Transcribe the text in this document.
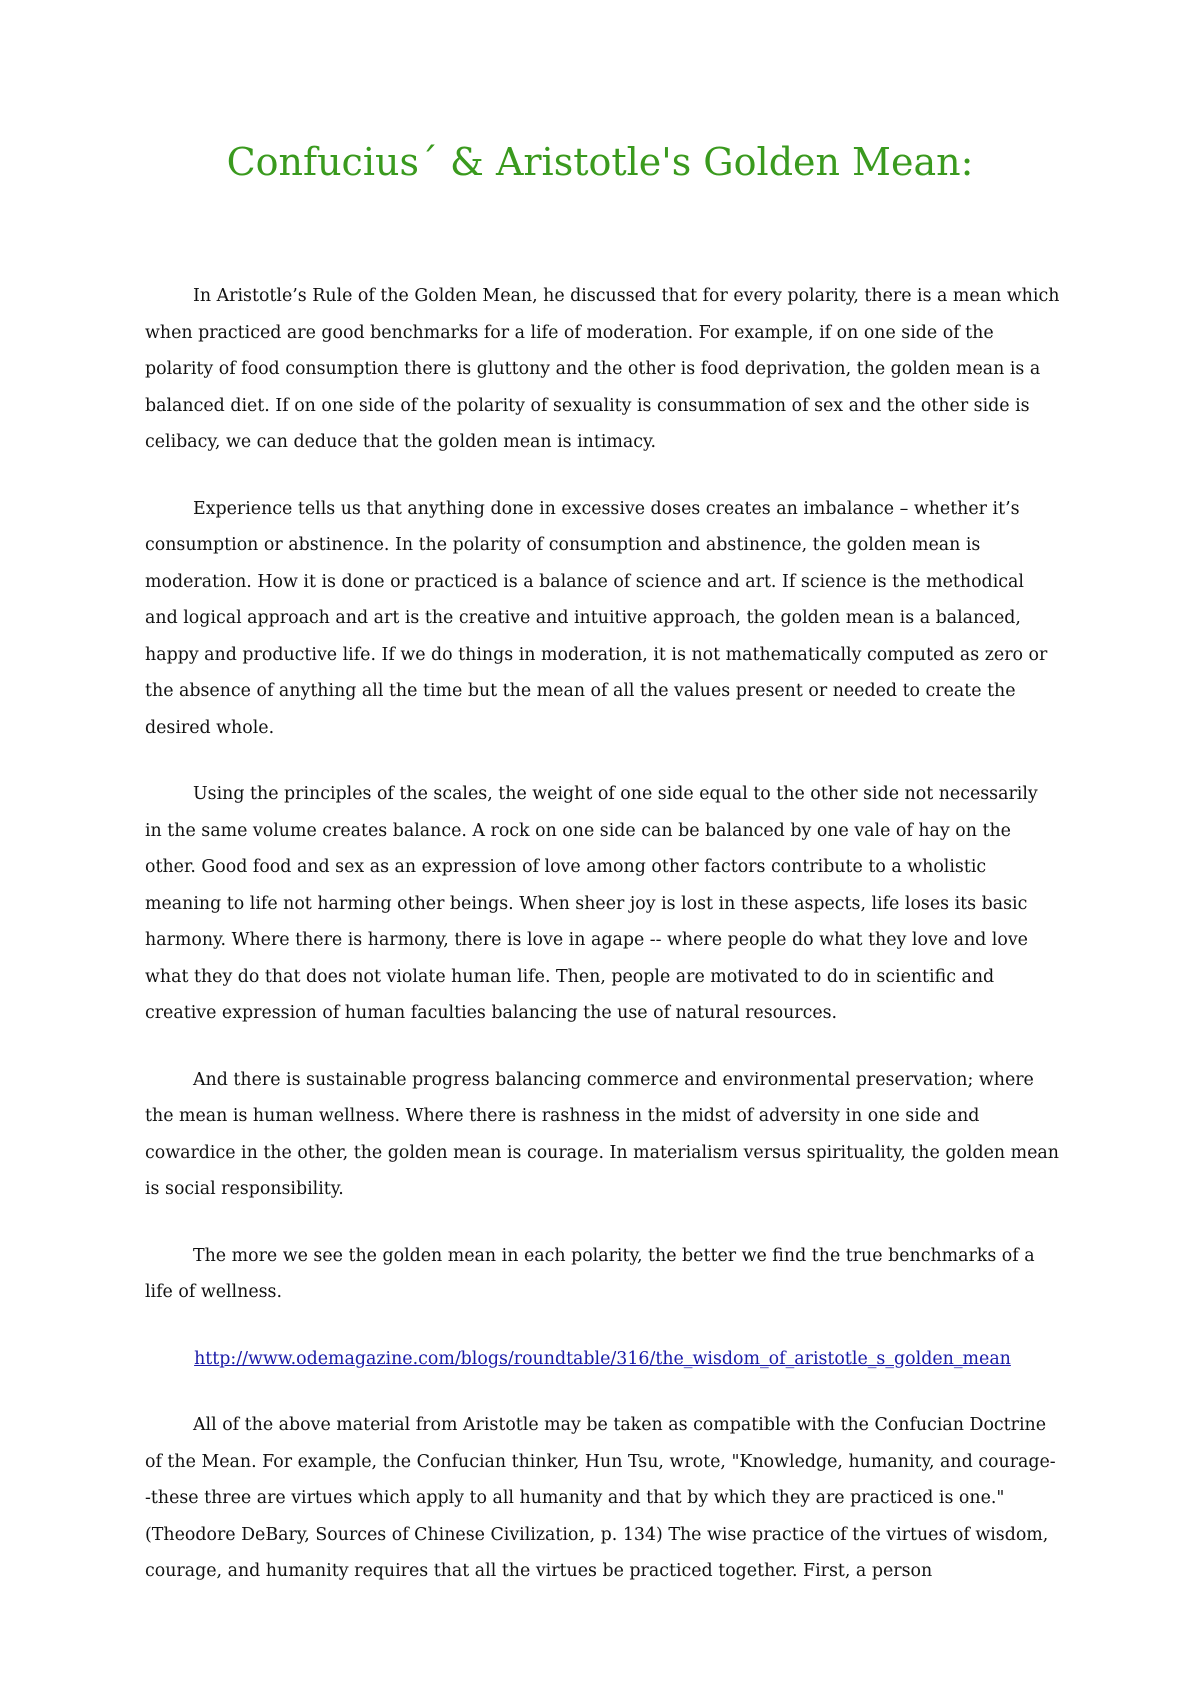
Confucius´ & Aristotle's Golden Mean:

In Aristotle’s Rule of the Golden Mean, he discussed that for every polarity, there is a mean which when practiced are good benchmarks for a life of moderation. For example, if on one side of the polarity of food consumption there is gluttony and the other is food deprivation, the golden mean is a balanced diet. If on one side of the polarity of sexuality is consummation of sex and the other side is celibacy, we can deduce that the golden mean is intimacy.

Experience tells us that anything done in excessive doses creates an imbalance – whether it’s consumption or abstinence. In the polarity of consumption and abstinence, the golden mean is moderation. How it is done or practiced is a balance of science and art. If science is the methodical and logical approach and art is the creative and intuitive approach, the golden mean is a balanced, happy and productive life. If we do things in moderation, it is not mathematically computed as zero or the absence of anything all the time but the mean of all the values present or needed to create the desired whole.

Using the principles of the scales, the weight of one side equal to the other side not necessarily in the same volume creates balance. A rock on one side can be balanced by one vale of hay on the other. Good food and sex as an expression of love among other factors contribute to a wholistic meaning to life not harming other beings. When sheer joy is lost in these aspects, life loses its basic harmony. Where there is harmony, there is love in agape -- where people do what they love and love what they do that does not violate human life. Then, people are motivated to do in scientific and creative expression of human faculties balancing the use of natural resources.

And there is sustainable progress balancing commerce and environmental preservation; where the mean is human wellness. Where there is rashness in the midst of adversity in one side and cowardice in the other, the golden mean is courage. In materialism versus spirituality, the golden mean is social responsibility.

The more we see the golden mean in each polarity, the better we find the true benchmarks of a life of wellness.

http://www.odemagazine.com/blogs/roundtable/316/the_wisdom_of_aristotle_s_golden_mean

All of the above material from Aristotle may be taken as compatible with the Confucian Doctrine of the Mean. For example, the Confucian thinker, Hun Tsu, wrote, "Knowledge, humanity, and courage--these three are virtues which apply to all humanity and that by which they are practiced is one." (Theodore DeBary, Sources of Chinese Civilization, p. 134) The wise practice of the virtues of wisdom, courage, and humanity requires that all the virtues be practiced together. First, a person
